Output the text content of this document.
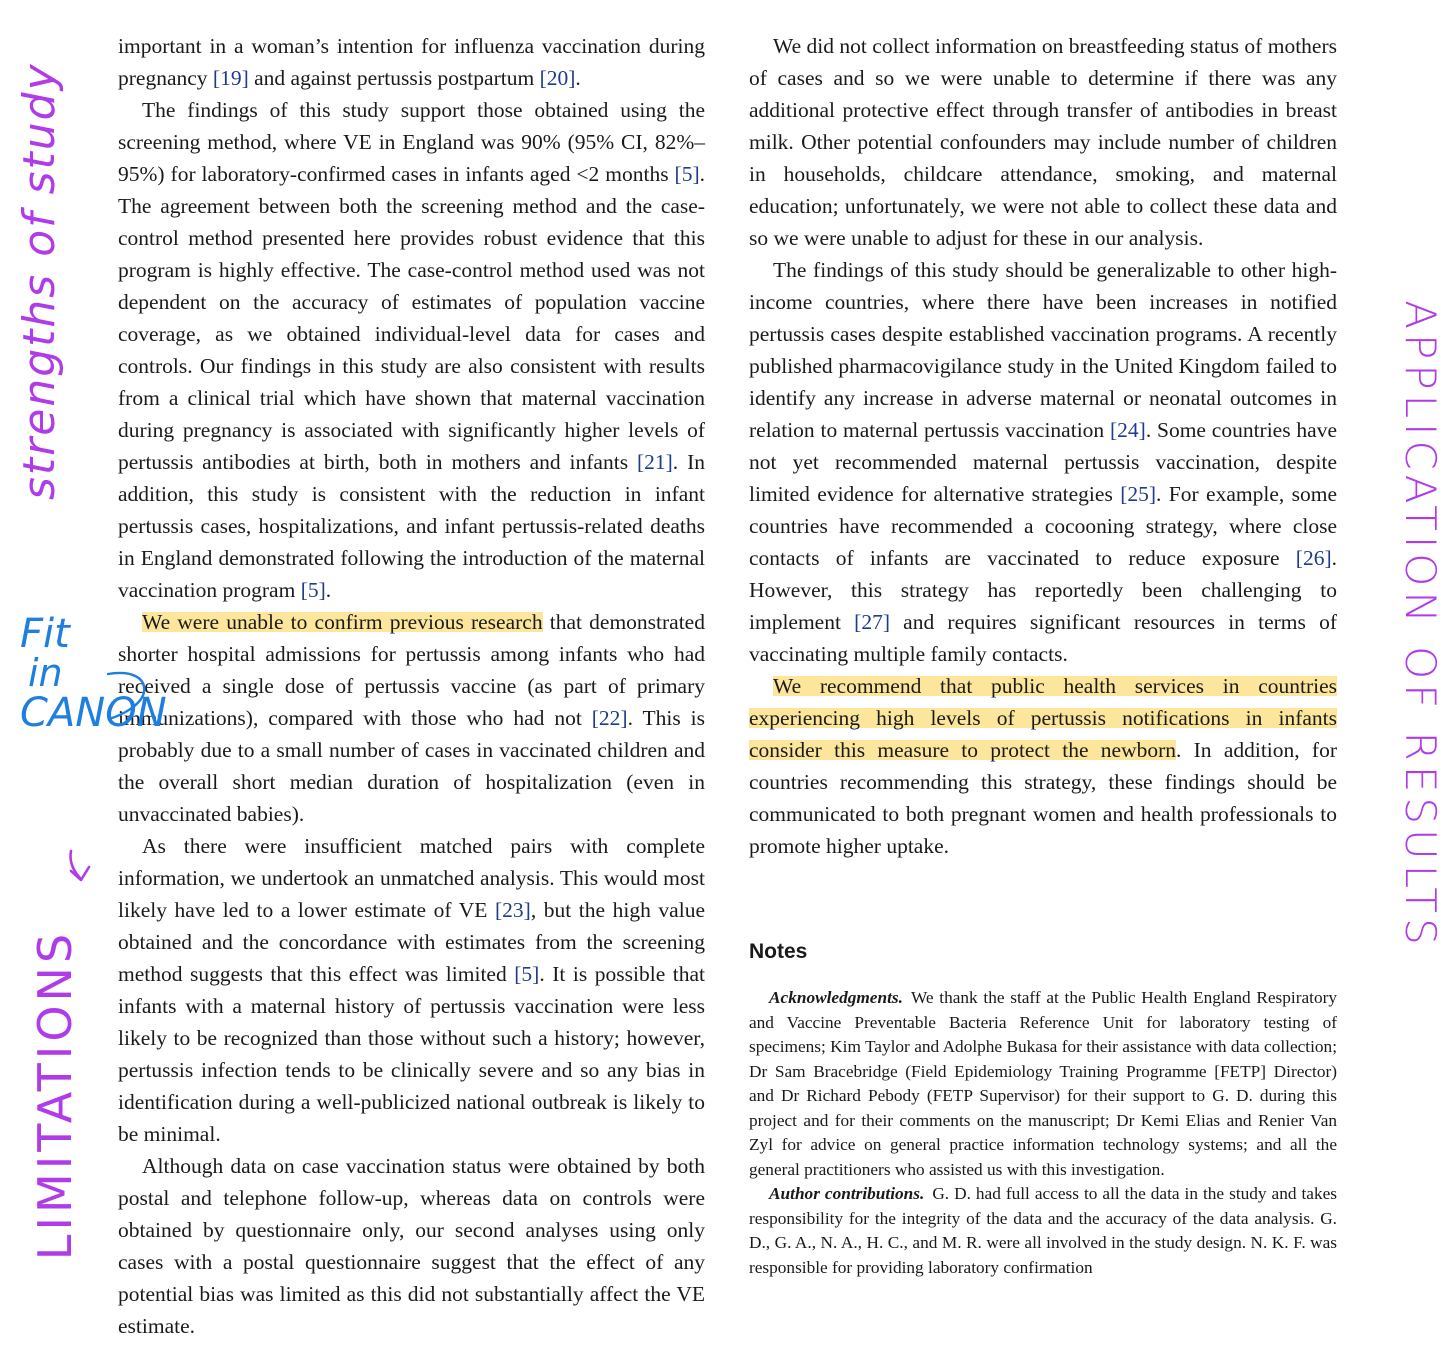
important in a woman’s intention for influenza vaccination during pregnancy [19] and against pertussis postpartum [20].

The findings of this study support those obtained using the screening method, where VE in England was 90% (95% CI, 82%–95%) for laboratory-confirmed cases in infants aged <2 months [5]. The agreement between both the screening method and the case-control method presented here provides robust evidence that this program is highly effective. The case-control method used was not dependent on the accuracy of estimates of population vaccine coverage, as we obtained individual-level data for cases and controls. Our findings in this study are also consistent with results from a clinical trial which have shown that maternal vaccination during pregnancy is associated with significantly higher levels of pertussis antibodies at birth, both in mothers and infants [21]. In addition, this study is consistent with the reduction in infant pertussis cases, hospitalizations, and infant pertussis-related deaths in England demonstrated following the introduction of the maternal vaccination program [5].

We were unable to confirm previous research that demonstrated shorter hospital admissions for pertussis among infants who had received a single dose of pertussis vaccine (as part of primary immunizations), compared with those who had not [22]. This is probably due to a small number of cases in vaccinated children and the overall short median duration of hospitalization (even in unvaccinated babies).

As there were insufficient matched pairs with complete information, we undertook an unmatched analysis. This would most likely have led to a lower estimate of VE [23], but the high value obtained and the concordance with estimates from the screening method suggests that this effect was limited [5]. It is possible that infants with a maternal history of pertussis vaccination were less likely to be recognized than those without such a history; however, pertussis infection tends to be clinically severe and so any bias in identification during a well-publicized national outbreak is likely to be minimal.

Although data on case vaccination status were obtained by both postal and telephone follow-up, whereas data on controls were obtained by questionnaire only, our second analyses using only cases with a postal questionnaire suggest that the effect of any potential bias was limited as this did not substantially affect the VE estimate.

We did not collect information on breastfeeding status of mothers of cases and so we were unable to determine if there was any additional protective effect through transfer of antibodies in breast milk. Other potential confounders may include number of children in households, childcare attendance, smoking, and maternal education; unfortunately, we were not able to collect these data and so we were unable to adjust for these in our analysis.

The findings of this study should be generalizable to other high-income countries, where there have been increases in notified pertussis cases despite established vaccination programs. A recently published pharmacovigilance study in the United Kingdom failed to identify any increase in adverse maternal or neonatal outcomes in relation to maternal pertussis vaccination [24]. Some countries have not yet recommended maternal pertussis vaccination, despite limited evidence for alternative strategies [25]. For example, some countries have recommended a cocooning strategy, where close contacts of infants are vaccinated to reduce exposure [26]. However, this strategy has reportedly been challenging to implement [27] and requires significant resources in terms of vaccinating multiple family contacts.

We recommend that public health services in countries experiencing high levels of pertussis notifications in infants consider this measure to protect the newborn. In addition, for countries recommending this strategy, these findings should be communicated to both pregnant women and health professionals to promote higher uptake.

Notes

Acknowledgments. We thank the staff at the Public Health England Respiratory and Vaccine Preventable Bacteria Reference Unit for laboratory testing of specimens; Kim Taylor and Adolphe Bukasa for their assistance with data collection; Dr Sam Bracebridge (Field Epidemiology Training Programme [FETP] Director) and Dr Richard Pebody (FETP Supervisor) for their support to G. D. during this project and for their comments on the manuscript; Dr Kemi Elias and Renier Van Zyl for advice on general practice information technology systems; and all the general practitioners who assisted us with this investigation.

Author contributions. G. D. had full access to all the data in the study and takes responsibility for the integrity of the data and the accuracy of the data analysis. G. D., G. A., N. A., H. C., and M. R. were all involved in the study design. N. K. F. was responsible for providing laboratory confirmation

strengths of study
Fit
in
CANON
LIMITATIONS
APPLICATION OF RESULTS
